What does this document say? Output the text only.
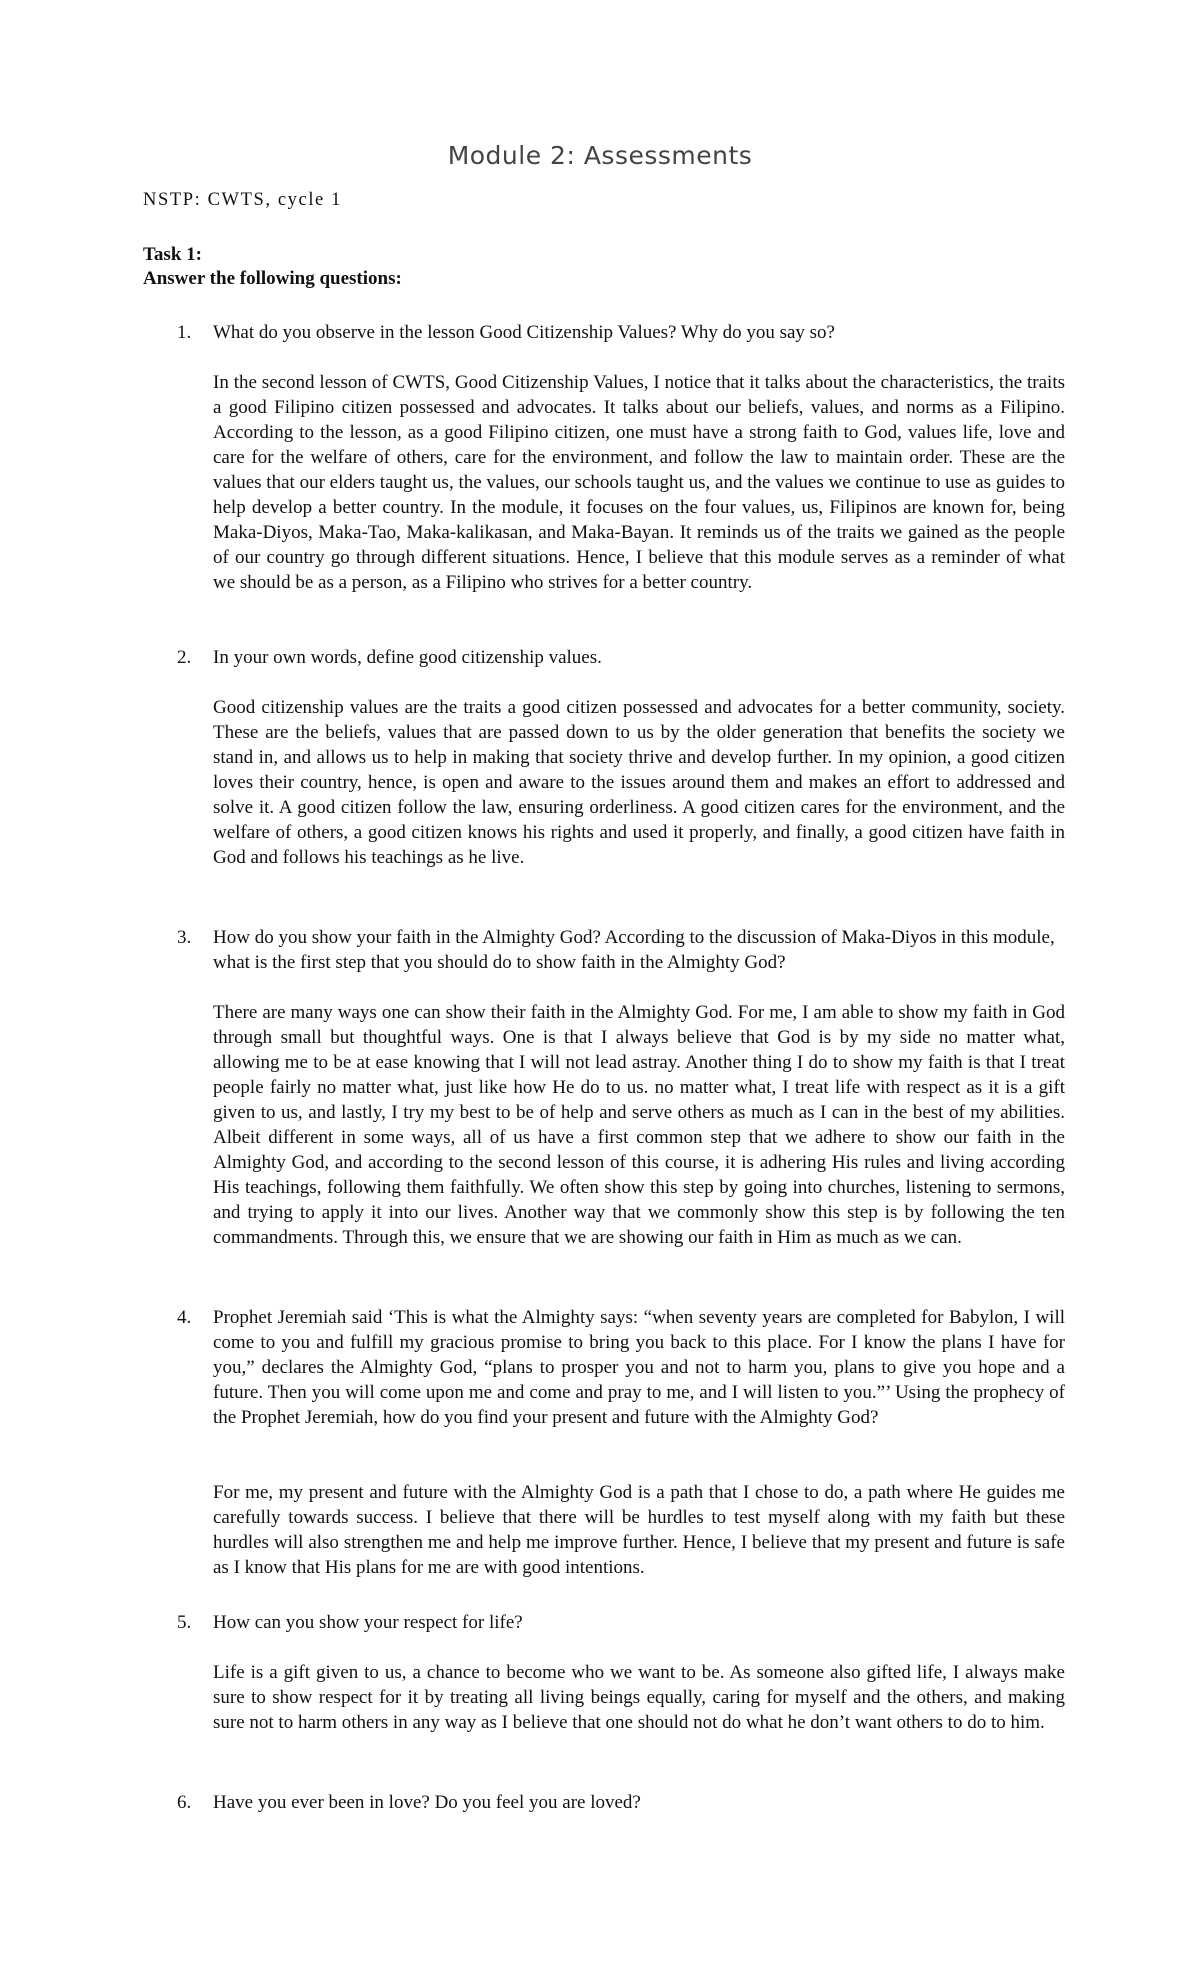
Module 2: Assessments

NSTP: CWTS, cycle 1

Task 1:
Answer the following questions:

1. What do you observe in the lesson Good Citizenship Values? Why do you say so?

In the second lesson of CWTS, Good Citizenship Values, I notice that it talks about the characteristics, the traits a good Filipino citizen possessed and advocates. It talks about our beliefs, values, and norms as a Filipino. According to the lesson, as a good Filipino citizen, one must have a strong faith to God, values life, love and care for the welfare of others, care for the environment, and follow the law to maintain order. These are the values that our elders taught us, the values, our schools taught us, and the values we continue to use as guides to help develop a better country. In the module, it focuses on the four values, us, Filipinos are known for, being Maka-Diyos, Maka-Tao, Maka-kalikasan, and Maka-Bayan. It reminds us of the traits we gained as the people of our country go through different situations. Hence, I believe that this module serves as a reminder of what we should be as a person, as a Filipino who strives for a better country.

2. In your own words, define good citizenship values.

Good citizenship values are the traits a good citizen possessed and advocates for a better community, society. These are the beliefs, values that are passed down to us by the older generation that benefits the society we stand in, and allows us to help in making that society thrive and develop further. In my opinion, a good citizen loves their country, hence, is open and aware to the issues around them and makes an effort to addressed and solve it. A good citizen follow the law, ensuring orderliness. A good citizen cares for the environment, and the welfare of others, a good citizen knows his rights and used it properly, and finally, a good citizen have faith in God and follows his teachings as he live.

3. How do you show your faith in the Almighty God? According to the discussion of Maka-Diyos in this module, what is the first step that you should do to show faith in the Almighty God?

There are many ways one can show their faith in the Almighty God. For me, I am able to show my faith in God through small but thoughtful ways. One is that I always believe that God is by my side no matter what, allowing me to be at ease knowing that I will not lead astray. Another thing I do to show my faith is that I treat people fairly no matter what, just like how He do to us. no matter what, I treat life with respect as it is a gift given to us, and lastly, I try my best to be of help and serve others as much as I can in the best of my abilities. Albeit different in some ways, all of us have a first common step that we adhere to show our faith in the Almighty God, and according to the second lesson of this course, it is adhering His rules and living according His teachings, following them faithfully. We often show this step by going into churches, listening to sermons, and trying to apply it into our lives. Another way that we commonly show this step is by following the ten commandments. Through this, we ensure that we are showing our faith in Him as much as we can.

4. Prophet Jeremiah said ‘This is what the Almighty says: “when seventy years are completed for Babylon, I will come to you and fulfill my gracious promise to bring you back to this place. For I know the plans I have for you,” declares the Almighty God, “plans to prosper you and not to harm you, plans to give you hope and a future. Then you will come upon me and come and pray to me, and I will listen to you.”’ Using the prophecy of the Prophet Jeremiah, how do you find your present and future with the Almighty God?

For me, my present and future with the Almighty God is a path that I chose to do, a path where He guides me carefully towards success. I believe that there will be hurdles to test myself along with my faith but these hurdles will also strengthen me and help me improve further. Hence, I believe that my present and future is safe as I know that His plans for me are with good intentions.

5. How can you show your respect for life?

Life is a gift given to us, a chance to become who we want to be. As someone also gifted life, I always make sure to show respect for it by treating all living beings equally, caring for myself and the others, and making sure not to harm others in any way as I believe that one should not do what he don’t want others to do to him.

6. Have you ever been in love? Do you feel you are loved?
